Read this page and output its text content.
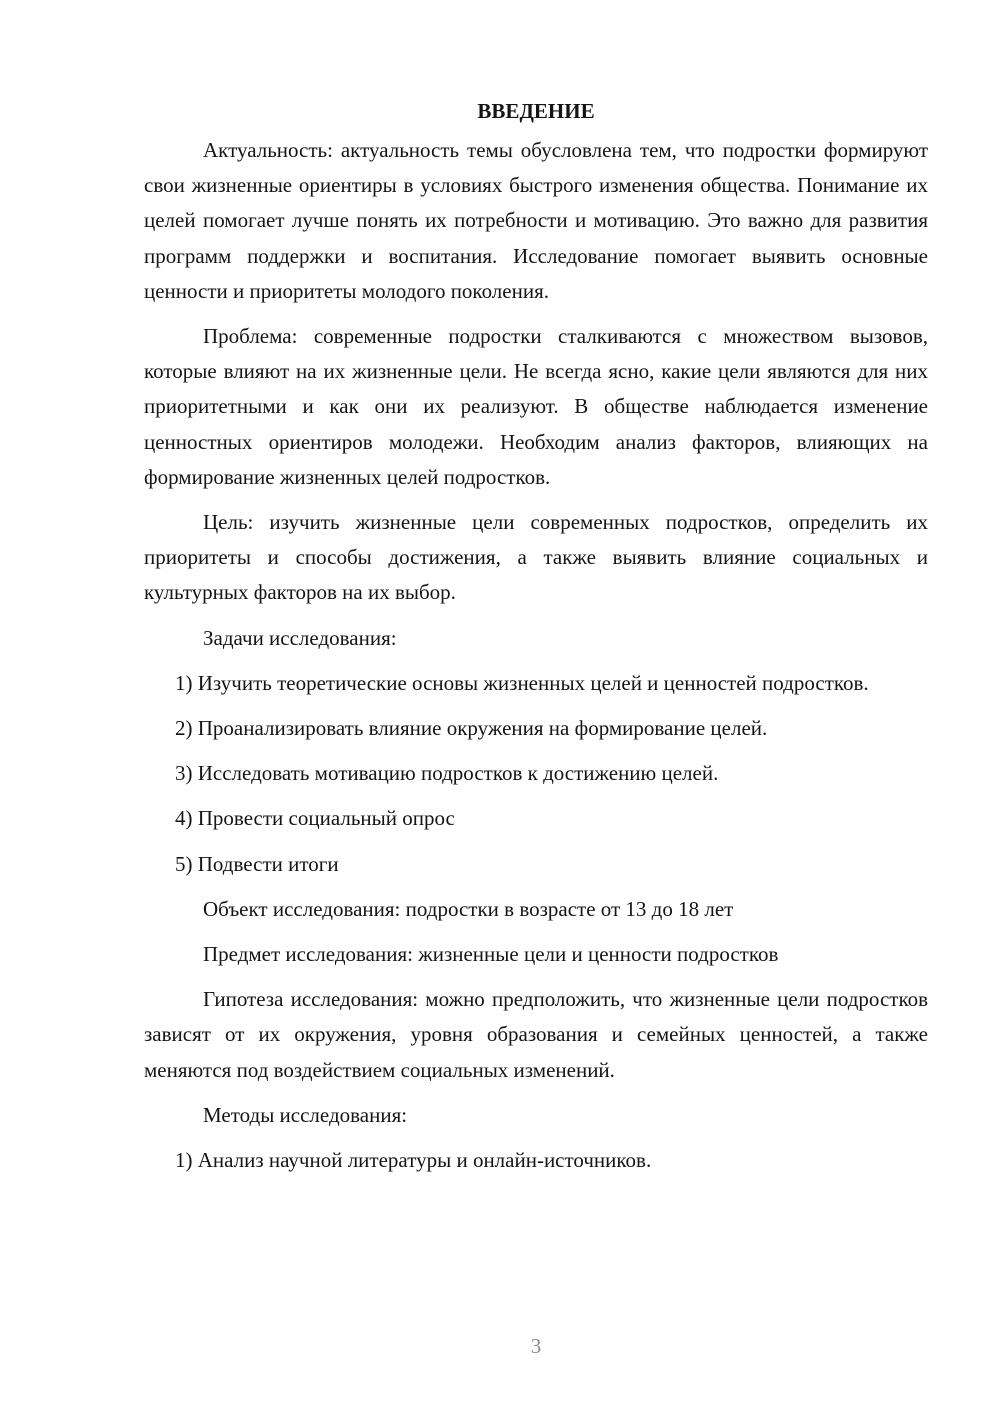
ВВЕДЕНИЕ

Актуальность: актуальность темы обусловлена тем, что подростки формируют свои жизненные ориентиры в условиях быстрого изменения общества. Понимание их целей помогает лучше понять их потребности и мотивацию. Это важно для развития программ поддержки и воспитания. Исследование помогает выявить основные ценности и приоритеты молодого поколения.

Проблема: современные подростки сталкиваются с множеством вызовов, которые влияют на их жизненные цели. Не всегда ясно, какие цели являются для них приоритетными и как они их реализуют. В обществе наблюдается изменение ценностных ориентиров молодежи. Необходим анализ факторов, влияющих на формирование жизненных целей подростков.

Цель: изучить жизненные цели современных подростков, определить их приоритеты и способы достижения, а также выявить влияние социальных и культурных факторов на их выбор.

Задачи исследования:

1) Изучить теоретические основы жизненных целей и ценностей подростков.

2) Проанализировать влияние окружения на формирование целей.

3) Исследовать мотивацию подростков к достижению целей.

4) Провести социальный опрос

5) Подвести итоги

Объект исследования: подростки в возрасте от 13 до 18 лет

Предмет исследования: жизненные цели и ценности подростков

Гипотеза исследования: можно предположить, что жизненные цели подростков зависят от их окружения, уровня образования и семейных ценностей, а также меняются под воздействием социальных изменений.

Методы исследования:

1) Анализ научной литературы и онлайн-источников.

3
